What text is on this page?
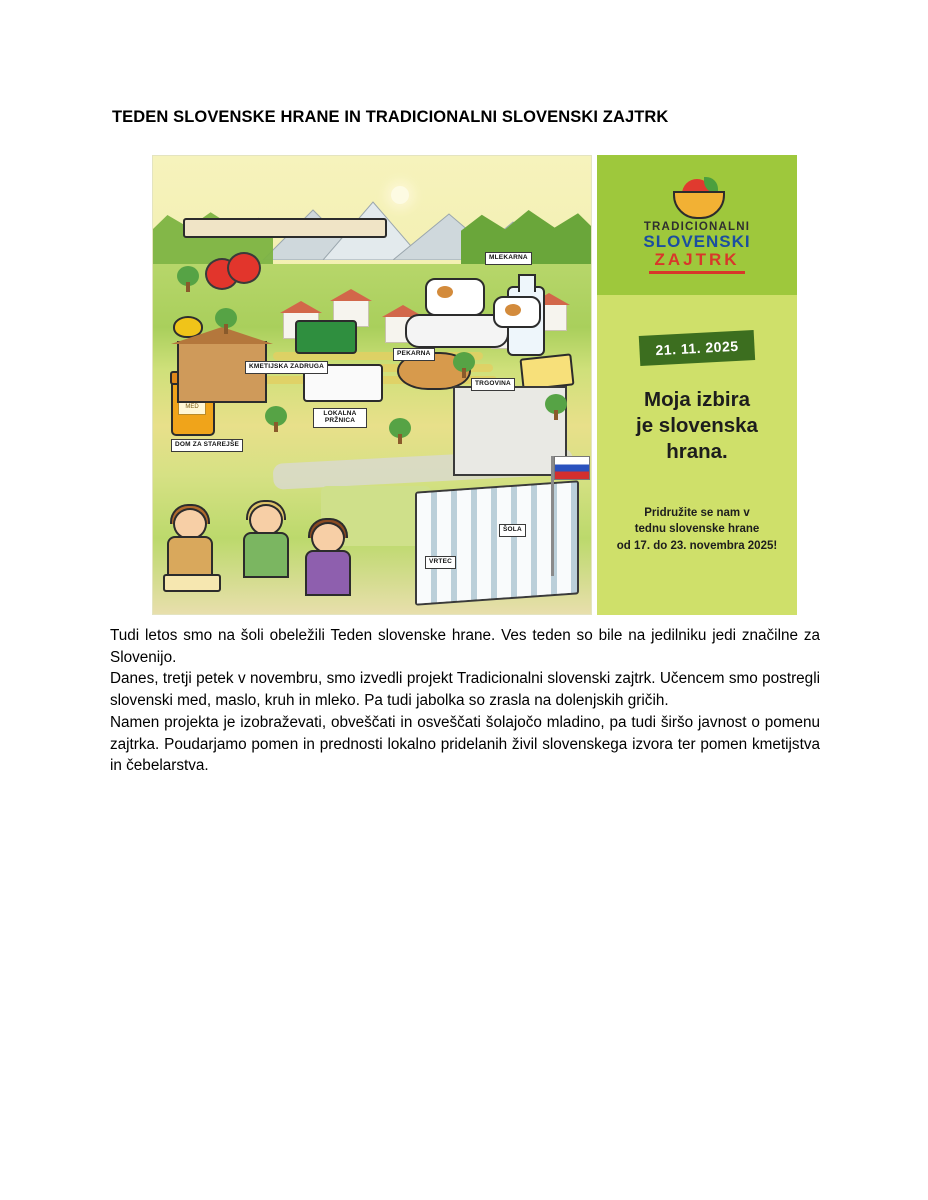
TEDEN SLOVENSKE HRANE IN TRADICIONALNI SLOVENSKI ZAJTRK
MED
MLEKARNA
KMETIJSKA ZADRUGA
PEKARNA
TRGOVINA
LOKALNA PRŽNICA
DOM ZA STAREJŠE
ŠOLA
VRTEC
TRADICIONALNI
SLOVENSKI
ZAJTRK
21. 11. 2025
Moja izbira
je slovenska
hrana.
Pridružite se nam v
tednu slovenske hrane
od 17. do 23. novembra 2025!

Tudi letos smo na šoli obeležili Teden slovenske hrane. Ves teden so bile na jedilniku jedi značilne za Slovenijo.

Danes, tretji petek v novembru, smo izvedli projekt Tradicionalni slovenski zajtrk. Učencem smo postregli slovenski med, maslo, kruh in mleko. Pa tudi jabolka so zrasla na dolenjskih gričih.

Namen projekta je izobraževati, obveščati in osveščati šolajočo mladino, pa tudi širšo javnost o pomenu zajtrka. Poudarjamo pomen in prednosti lokalno pridelanih živil slovenskega izvora ter pomen kmetijstva in čebelarstva.
